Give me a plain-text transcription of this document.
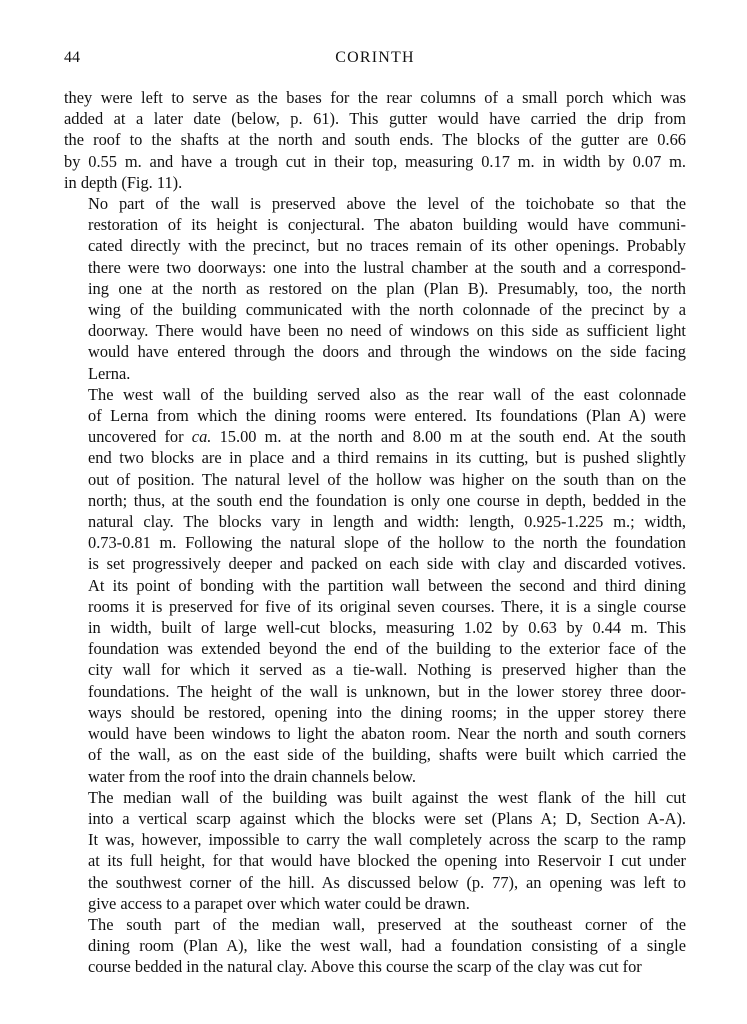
44	CORINTH

they were left to serve as the bases for the rear columns of a small porch which was
added at a later date (below, p. 61). This gutter would have carried the drip from
the roof to the shafts at the north and south ends. The blocks of the gutter are 0.66
by 0.55 m. and have a trough cut in their top, measuring 0.17 m. in width by 0.07 m.
in depth (Fig. 11).

No part of the wall is preserved above the level of the toichobate so that the
restoration of its height is conjectural. The abaton building would have communi-
cated directly with the precinct, but no traces remain of its other openings. Probably
there were two doorways: one into the lustral chamber at the south and a correspond-
ing one at the north as restored on the plan (Plan B). Presumably, too, the north
wing of the building communicated with the north colonnade of the precinct by a
doorway. There would have been no need of windows on this side as sufficient light
would have entered through the doors and through the windows on the side facing
Lerna.

The west wall of the building served also as the rear wall of the east colonnade
of Lerna from which the dining rooms were entered. Its foundations (Plan A) were
uncovered for ca. 15.00 m. at the north and 8.00 m at the south end. At the south
end two blocks are in place and a third remains in its cutting, but is pushed slightly
out of position. The natural level of the hollow was higher on the south than on the
north; thus, at the south end the foundation is only one course in depth, bedded in the
natural clay. The blocks vary in length and width: length, 0.925-1.225 m.; width,
0.73-0.81 m. Following the natural slope of the hollow to the north the foundation
is set progressively deeper and packed on each side with clay and discarded votives.
At its point of bonding with the partition wall between the second and third dining
rooms it is preserved for five of its original seven courses. There, it is a single course
in width, built of large well-cut blocks, measuring 1.02 by 0.63 by 0.44 m. This
foundation was extended beyond the end of the building to the exterior face of the
city wall for which it served as a tie-wall. Nothing is preserved higher than the
foundations. The height of the wall is unknown, but in the lower storey three door-
ways should be restored, opening into the dining rooms; in the upper storey there
would have been windows to light the abaton room. Near the north and south corners
of the wall, as on the east side of the building, shafts were built which carried the
water from the roof into the drain channels below.

The median wall of the building was built against the west flank of the hill cut
into a vertical scarp against which the blocks were set (Plans A; D, Section A-A).
It was, however, impossible to carry the wall completely across the scarp to the ramp
at its full height, for that would have blocked the opening into Reservoir I cut under
the southwest corner of the hill. As discussed below (p. 77), an opening was left to
give access to a parapet over which water could be drawn.

The south part of the median wall, preserved at the southeast corner of the
dining room (Plan A), like the west wall, had a foundation consisting of a single
course bedded in the natural clay. Above this course the scarp of the clay was cut for
